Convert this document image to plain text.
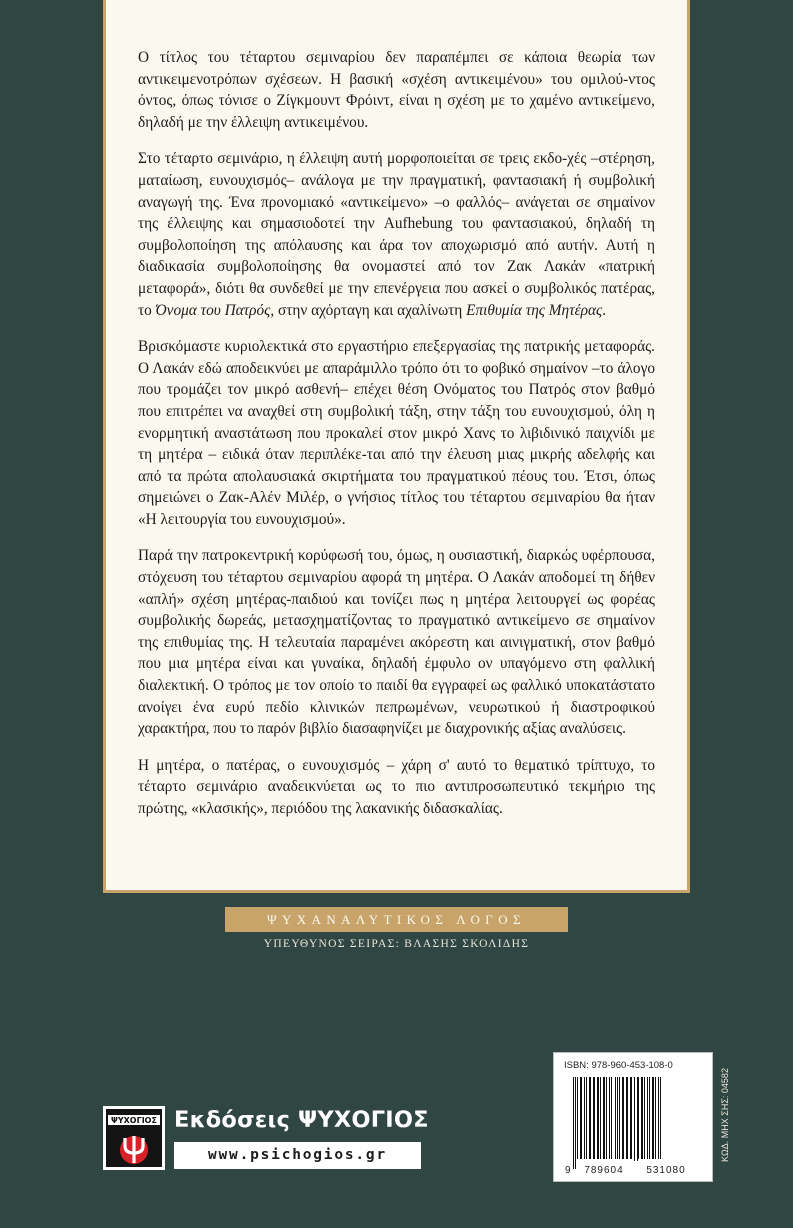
Ο τίτλος του τέταρτου σεμιναρίου δεν παραπέμπει σε κάποια θεωρία των αντικειμενοτρόπων σχέσεων. Η βασική «σχέση αντικειμένου» του ομιλού-ντος όντος, όπως τόνισε ο Ζίγκμουντ Φρόιντ, είναι η σχέση με το χαμένο αντικείμενο, δηλαδή με την έλλειψη αντικειμένου.

Στο τέταρτο σεμινάριο, η έλλειψη αυτή μορφοποιείται σε τρεις εκδο-χές –στέρηση, ματαίωση, ευνουχισμός– ανάλογα με την πραγματική, φαντασιακή ή συμβολική αναγωγή της. Ένα προνομιακό «αντικείμενο» –ο φαλλός– ανάγεται σε σημαίνον της έλλειψης και σημασιοδοτεί την Aufhebung του φαντασιακού, δηλαδή τη συμβολοποίηση της απόλαυσης και άρα τον αποχωρισμό από αυτήν. Αυτή η διαδικασία συμβολοποίησης θα ονομαστεί από τον Ζακ Λακάν «πατρική μεταφορά», διότι θα συνδεθεί με την επενέργεια που ασκεί ο συμβολικός πατέρας, το Όνομα του Πατρός, στην αχόρταγη και αχαλίνωτη Επιθυμία της Μητέρας.

Βρισκόμαστε κυριολεκτικά στο εργαστήριο επεξεργασίας της πατρικής μεταφοράς. Ο Λακάν εδώ αποδεικνύει με απαράμιλλο τρόπο ότι το φοβικό σημαίνον –το άλογο που τρομάζει τον μικρό ασθενή– επέχει θέση Ονόματος του Πατρός στον βαθμό που επιτρέπει να αναχθεί στη συμβολική τάξη, στην τάξη του ευνουχισμού, όλη η ενορμητική αναστάτωση που προκαλεί στον μικρό Χανς το λιβιδινικό παιχνίδι με τη μητέρα – ειδικά όταν περιπλέκε-ται από την έλευση μιας μικρής αδελφής και από τα πρώτα απολαυσιακά σκιρτήματα του πραγματικού πέους του. Έτσι, όπως σημειώνει ο Ζακ-Αλέν Μιλέρ, ο γνήσιος τίτλος του τέταρτου σεμιναρίου θα ήταν «Η λειτουργία του ευνουχισμού».

Παρά την πατροκεντρική κορύφωσή του, όμως, η ουσιαστική, διαρκώς υφέρπουσα, στόχευση του τέταρτου σεμιναρίου αφορά τη μητέρα. Ο Λακάν αποδομεί τη δήθεν «απλή» σχέση μητέρας-παιδιού και τονίζει πως η μητέρα λειτουργεί ως φορέας συμβολικής δωρεάς, μετασχηματίζοντας το πραγματικό αντικείμενο σε σημαίνον της επιθυμίας της. Η τελευταία παραμένει ακόρεστη και αινιγματική, στον βαθμό που μια μητέρα είναι και γυναίκα, δηλαδή έμφυλο ον υπαγόμενο στη φαλλική διαλεκτική. Ο τρόπος με τον οποίο το παιδί θα εγγραφεί ως φαλλικό υποκατάστατο ανοίγει ένα ευρύ πεδίο κλινικών πεπρωμένων, νευρωτικού ή διαστροφικού χαρακτήρα, που το παρόν βιβλίο διασαφηνίζει με διαχρονικής αξίας αναλύσεις.

Η μητέρα, ο πατέρας, ο ευνουχισμός – χάρη σ' αυτό το θεματικό τρίπτυχο, το τέταρτο σεμινάριο αναδεικνύεται ως το πιο αντιπροσωπευτικό τεκμήριο της πρώτης, «κλασικής», περιόδου της λακανικής διδασκαλίας.

ΨΥΧΑΝΑΛΥΤΙΚΟΣ ΛΟΓΟΣ
ΥΠΕΥΘΥΝΟΣ ΣΕΙΡΑΣ: ΒΛΑΣΗΣ ΣΚΟΛΙΔΗΣ
ΨΥΧΟΓΙΟΣ Εκδόσεις ΨΥΧΟΓΙΟΣ
www.psichogios.gr
ISBN: 978-960-453-108-0
9 789604 531080
ΚΩΔ. ΜΗΧ ΣΗΣ: 04582
